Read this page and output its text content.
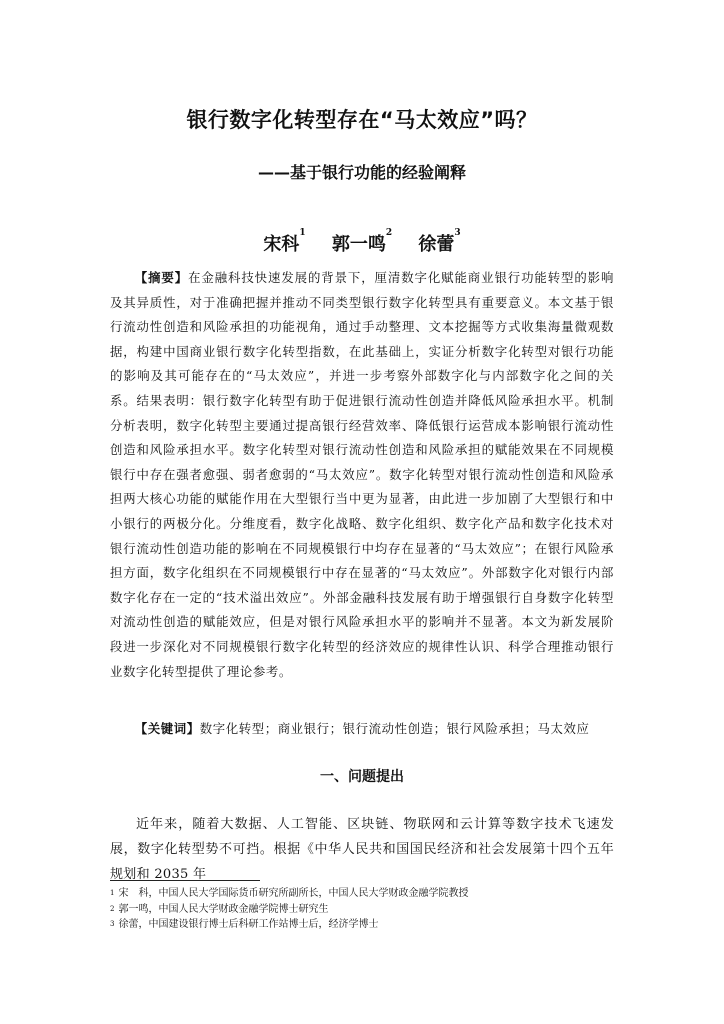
银行数字化转型存在“马太效应”吗？
——基于银行功能的经验阐释
宋科$^1$ 郭一鸣$^2$ 徐蕾$^3$

【摘要】在金融科技快速发展的背景下，厘清数字化赋能商业银行功能转型的影响及其异质性，对于准确把握并推动不同类型银行数字化转型具有重要意义。本文基于银行流动性创造和风险承担的功能视角，通过手动整理、文本挖掘等方式收集海量微观数据，构建中国商业银行数字化转型指数，在此基础上，实证分析数字化转型对银行功能的影响及其可能存在的“马太效应”，并进一步考察外部数字化与内部数字化之间的关系。结果表明：银行数字化转型有助于促进银行流动性创造并降低风险承担水平。机制分析表明，数字化转型主要通过提高银行经营效率、降低银行运营成本影响银行流动性创造和风险承担水平。数字化转型对银行流动性创造和风险承担的赋能效果在不同规模银行中存在强者愈强、弱者愈弱的“马太效应”。数字化转型对银行流动性创造和风险承担两大核心功能的赋能作用在大型银行当中更为显著，由此进一步加剧了大型银行和中小银行的两极分化。分维度看，数字化战略、数字化组织、数字化产品和数字化技术对银行流动性创造功能的影响在不同规模银行中均存在显著的“马太效应”；在银行风险承担方面，数字化组织在不同规模银行中存在显著的“马太效应”。外部数字化对银行内部数字化存在一定的“技术溢出效应”。外部金融科技发展有助于增强银行自身数字化转型对流动性创造的赋能效应，但是对银行风险承担水平的影响并不显著。本文为新发展阶段进一步深化对不同规模银行数字化转型的经济效应的规律性认识、科学合理推动银行业数字化转型提供了理论参考。

【关键词】数字化转型；商业银行；银行流动性创造；银行风险承担；马太效应

一、问题提出

近年来，随着大数据、人工智能、区块链、物联网和云计算等数字技术飞速发展，数字化转型势不可挡。根据《中华人民共和国国民经济和社会发展第十四个五年规划和 2035 年

$^1$ 宋　科，中国人民大学国际货币研究所副所长，中国人民大学财政金融学院教授
$^2$ 郭一鸣，中国人民大学财政金融学院博士研究生
$^3$ 徐蕾，中国建设银行博士后科研工作站博士后，经济学博士
